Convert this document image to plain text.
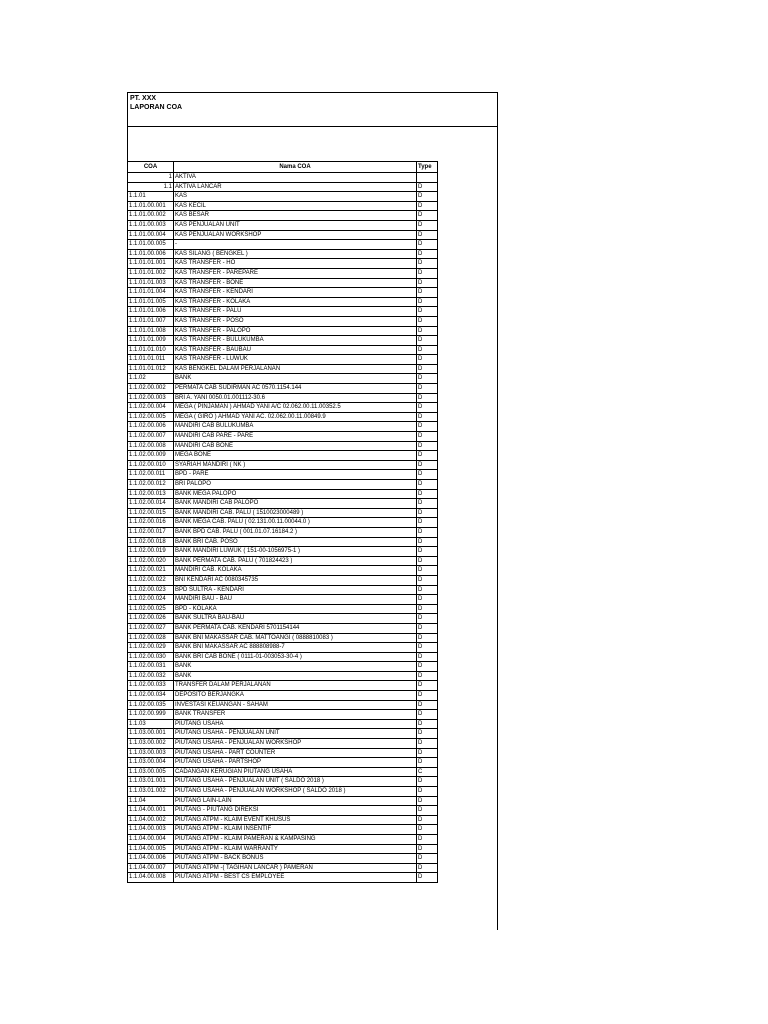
PT. XXX
LAPORAN COA
COA	Nama COA	Type
1	AKTIVA	
1.1	AKTIVA LANCAR	D
1.1.01	KAS	D
1.1.01.00.001	KAS KECIL	D
1.1.01.00.002	KAS BESAR	D
1.1.01.00.003	KAS PENJUALAN UNIT	D
1.1.01.00.004	KAS PENJUALAN WORKSHOP	D
1.1.01.00.005	-	D
1.1.01.00.006	KAS SILANG ( BENGKEL )	D
1.1.01.01.001	KAS TRANSFER - HO	D
1.1.01.01.002	KAS TRANSFER - PAREPARE	D
1.1.01.01.003	KAS TRANSFER - BONE	D
1.1.01.01.004	KAS TRANSFER - KENDARI	D
1.1.01.01.005	KAS TRANSFER - KOLAKA	D
1.1.01.01.006	KAS TRANSFER - PALU	D
1.1.01.01.007	KAS TRANSFER - POSO	D
1.1.01.01.008	KAS TRANSFER - PALOPO	D
1.1.01.01.009	KAS TRANSFER - BULUKUMBA	D
1.1.01.01.010	KAS TRANSFER - BAUBAU	D
1.1.01.01.011	KAS TRANSFER - LUWUK	D
1.1.01.01.012	KAS BENGKEL DALAM PERJALANAN	D
1.1.02	BANK	D
1.1.02.00.002	PERMATA CAB SUDIRMAN AC 0570.1154.144	D
1.1.02.00.003	BRI A. YANI 0050.01.001112-30.6	D
1.1.02.00.004	MEGA ( PINJAMAN ) AHMAD YANI A/C 02.062.00.11.00352.5	D
1.1.02.00.005	MEGA ( GIRO ) AHMAD YANI AC. 02.062.00.11.00849.9	D
1.1.02.00.006	MANDIRI CAB BULUKUMBA	D
1.1.02.00.007	MANDIRI CAB PARE - PARE	D
1.1.02.00.008	MANDIRI CAB BONE	D
1.1.02.00.009	MEGA BONE	D
1.1.02.00.010	SYARIAH MANDIRI ( NK )	D
1.1.02.00.011	BPD - PARE	D
1.1.02.00.012	BRI PALOPO	D
1.1.02.00.013	BANK MEGA PALOPO	D
1.1.02.00.014	BANK MANDIRI CAB PALOPO	D
1.1.02.00.015	BANK MANDIRI CAB. PALU ( 1510023000489 )	D
1.1.02.00.016	BANK MEGA CAB. PALU ( 02.131.00.11.00044.0 )	D
1.1.02.00.017	BANK BPD CAB. PALU ( 001.01.07.16184.2 )	D
1.1.02.00.018	BANK BRI CAB. POSO	D
1.1.02.00.019	BANK MANDIRI LUWUK ( 151-00-1056975-1 )	D
1.1.02.00.020	BANK PERMATA CAB. PALU ( 701824423 )	D
1.1.02.00.021	MANDIRI CAB. KOLAKA	D
1.1.02.00.022	BNI KENDARI AC 0080345735	D
1.1.02.00.023	BPD SULTRA - KENDARI	D
1.1.02.00.024	MANDIRI BAU - BAU	D
1.1.02.00.025	BPD - KOLAKA	D
1.1.02.00.026	BANK SULTRA BAU-BAU	D
1.1.02.00.027	BANK PERMATA CAB. KENDARI 5701154144	D
1.1.02.00.028	BANK BNI MAKASSAR CAB. MATTOANGI ( 0888810083 )	D
1.1.02.00.029	BANK BNI MAKASSAR AC 888808988-7	D
1.1.02.00.030	BANK BRI CAB BONE ( 0111-01-003053-30-4 )	D
1.1.02.00.031	BANK	D
1.1.02.00.032	BANK	D
1.1.02.00.033	TRANSFER DALAM PERJALANAN	D
1.1.02.00.034	DEPOSITO BERJANGKA	D
1.1.02.00.035	INVESTASI KEUANGAN - SAHAM	D
1.1.02.00.999	BANK TRANSFER	D
1.1.03	PIUTANG USAHA	D
1.1.03.00.001	PIUTANG USAHA - PENJUALAN UNIT	D
1.1.03.00.002	PIUTANG USAHA - PENJUALAN WORKSHOP	D
1.1.03.00.003	PIUTANG USAHA - PART COUNTER	D
1.1.03.00.004	PIUTANG USAHA - PARTSHOP	D
1.1.03.00.005	CADANGAN KERUGIAN PIUTANG USAHA	C
1.1.03.01.001	PIUTANG USAHA - PENJUALAN UNIT ( SALDO 2018 )	D
1.1.03.01.002	PIUTANG USAHA - PENJUALAN WORKSHOP ( SALDO 2018 )	D
1.1.04	PIUTANG LAIN-LAIN	D
1.1.04.00.001	PIUTANG - PIUTANG DIREKSI	D
1.1.04.00.002	PIUTANG ATPM - KLAIM EVENT KHUSUS	D
1.1.04.00.003	PIUTANG ATPM - KLAIM INSENTIF	D
1.1.04.00.004	PIUTANG ATPM - KLAIM PAMERAN & KAMPASING	D
1.1.04.00.005	PIUTANG ATPM - KLAIM WARRANTY	D
1.1.04.00.006	PIUTANG ATPM - BACK BONUS	D
1.1.04.00.007	PIUTANG ATPM -( TAGIHAN LANCAR ) PAMERAN	D
1.1.04.00.008	PIUTANG ATPM - BEST CS EMPLOYEE	D
